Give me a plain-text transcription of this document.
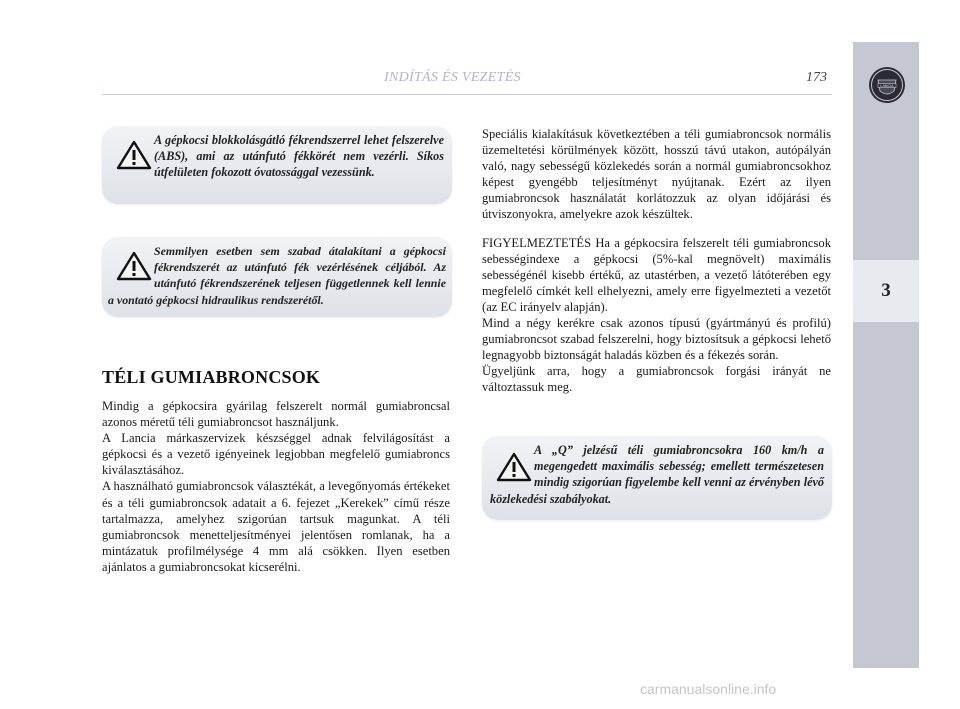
INDÍTÁS ÉS VEZETÉS	173
LANCIA
3
A gépkocsi blokkolásgátló fékrendszerrel lehet felszerelve (ABS), ami az utánfutó fékkörét nem vezérli. Síkos útfelületen fokozott óvatossággal vezessünk.
Semmilyen esetben sem szabad átalakítani a gépkocsi fékrendszerét az utánfutó fék vezérlésének céljából. Az utánfutó fékrendszerének teljesen függetlennek kell lennie a vontató gépkocsi hidraulikus rendszerétől.
TÉLI GUMIABRONCSOK

Mindig a gépkocsira gyárilag felszerelt normál gumiabroncsal azonos méretű téli gumiabroncsot használjunk.

A Lancia márkaszervizek készséggel adnak felvilágosítást a gépkocsi és a vezető igényeinek legjobban megfelelő gumiabroncs kiválasztásához.

A használható gumiabroncsok választékát, a levegőnyomás értékeket és a téli gumiabroncsok adatait a 6. fejezet „Kerekek” című része tartalmazza, amelyhez szigorúan tartsuk magunkat. A téli gumiabroncsok menetteljesítményei jelentősen romlanak, ha a mintázatuk profilmélysége 4 mm alá csökken. Ilyen esetben ajánlatos a gumiabroncsokat kicserélni.

Speciális kialakításuk következtében a téli gumiabroncsok normális üzemeltetési körülmények között, hosszú távú utakon, autópályán való, nagy sebességű közlekedés során a normál gumiabroncsokhoz képest gyengébb teljesítményt nyújtanak. Ezért az ilyen gumiabroncsok használatát korlátozzuk az olyan időjárási és útviszonyokra, amelyekre azok készültek.

FIGYELMEZTETÉS Ha a gépkocsira felszerelt téli gumiabroncsok sebességindexe a gépkocsi (5%-kal megnövelt) maximális sebességénél kisebb értékű, az utastérben, a vezető látóterében egy megfelelő címkét kell elhelyezni, amely erre figyelmezteti a vezetőt (az EC irányelv alapján).

Mind a négy kerékre csak azonos típusú (gyártmányú és profilú) gumiabroncsot szabad felszerelni, hogy biztosítsuk a gépkocsi lehető legnagyobb biztonságát haladás közben és a fékezés során.

Ügyeljünk arra, hogy a gumiabroncsok forgási irányát ne változtassuk meg.

A „Q” jelzésű téli gumiabroncsokra 160 km/h a megengedett maximális sebesség; emellett természetesen mindig szigorúan figyelembe kell venni az érvényben lévő közlekedési szabályokat.
carmanualsonline.info
